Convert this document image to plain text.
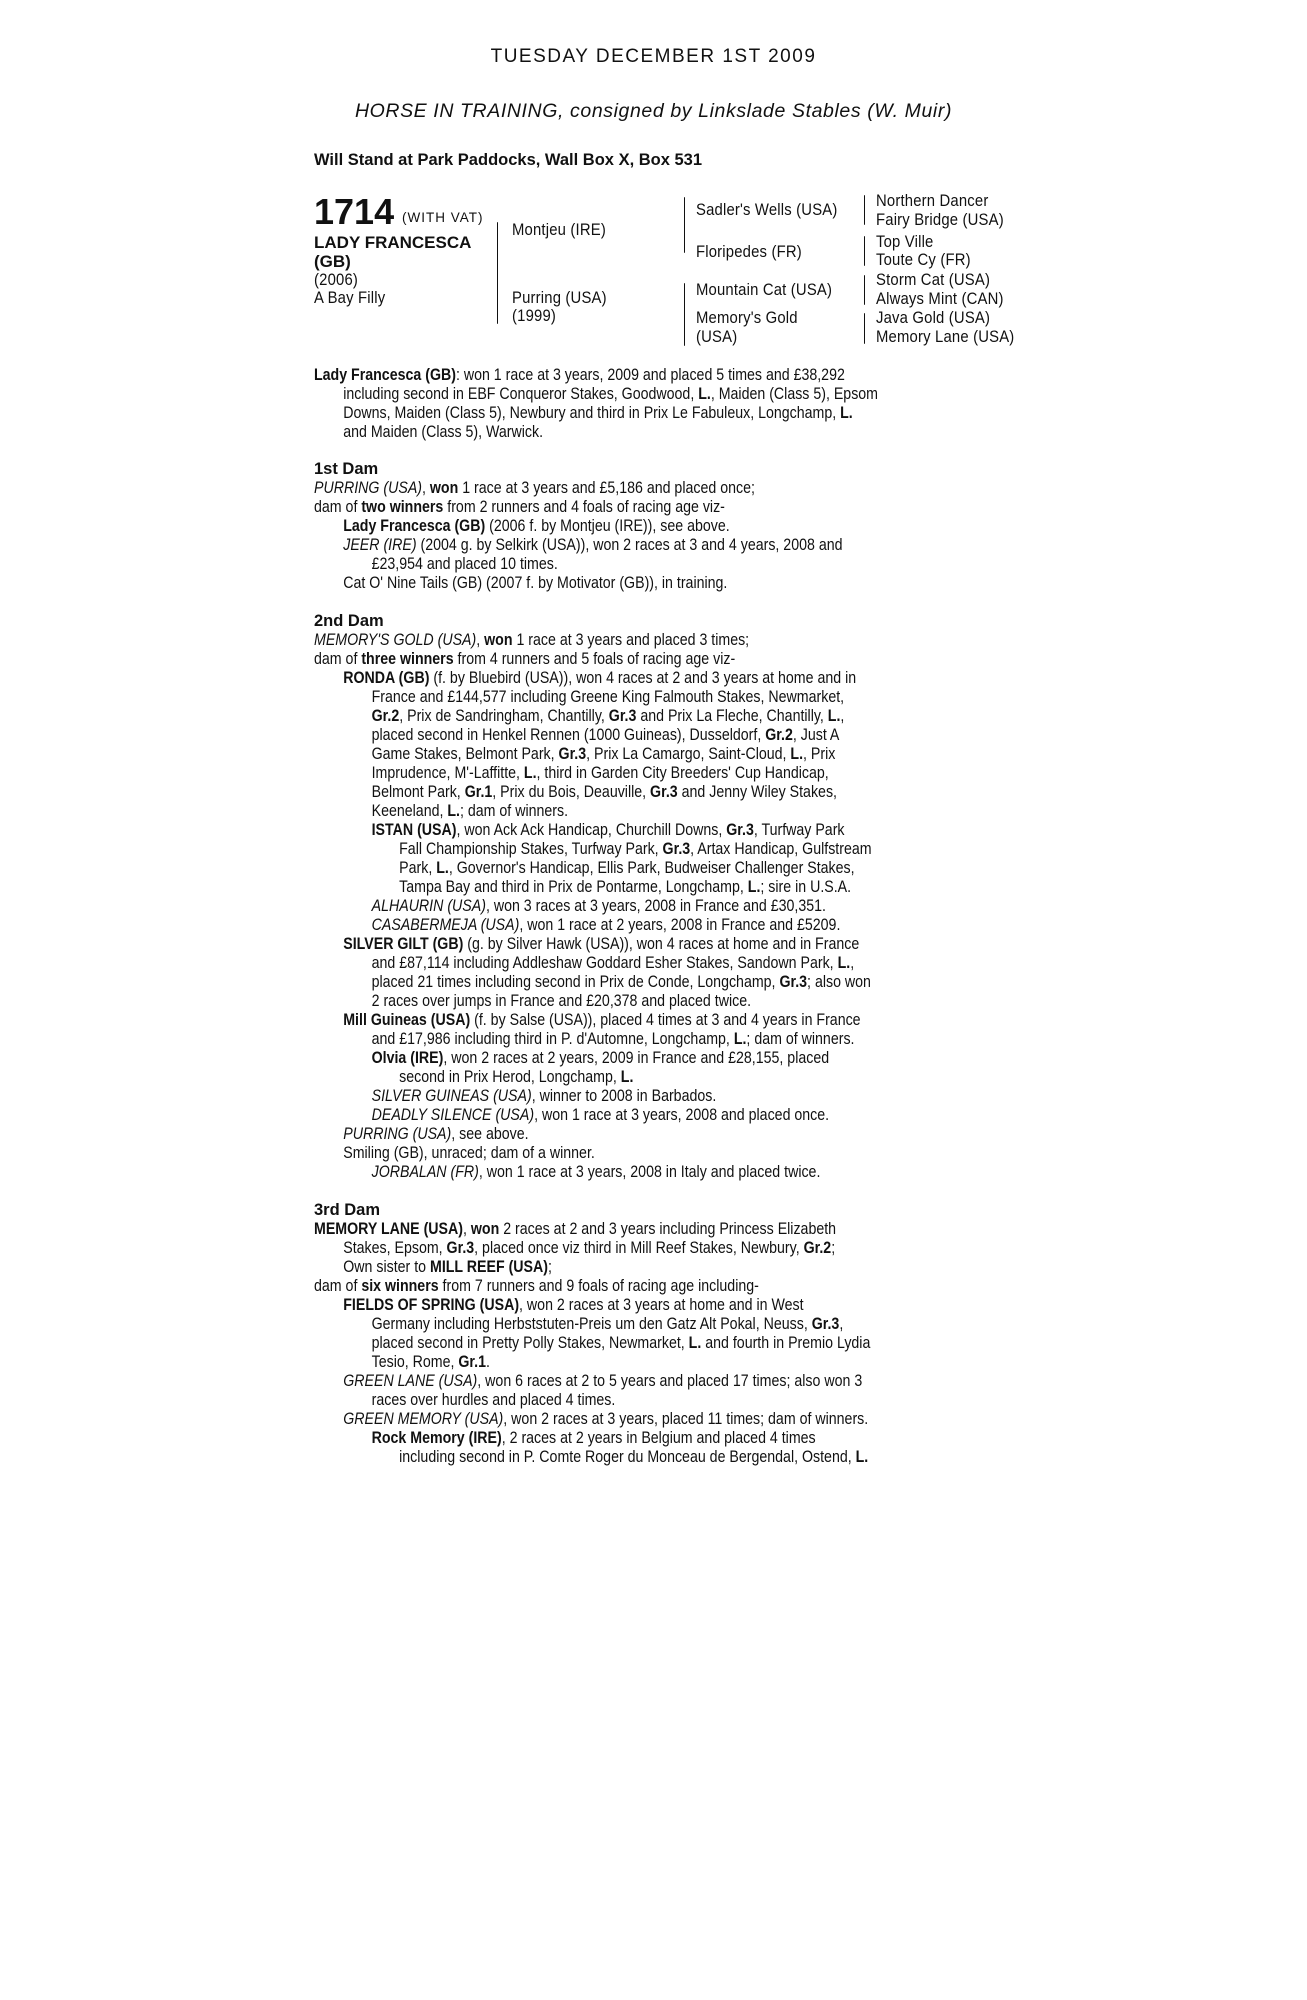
TUESDAY DECEMBER 1ST 2009
HORSE IN TRAINING, consigned by Linkslade Stables (W. Muir)
Will Stand at Park Paddocks, Wall Box X, Box 531
1714 (WITH VAT)
LADY FRANCESCA
(GB)
(2006)
A Bay Filly
Montjeu (IRE)
Purring (USA)
(1999)
Sadler's Wells (USA)
Floripedes (FR)
Mountain Cat (USA)
Memory's Gold
(USA)
Northern Dancer
Fairy Bridge (USA)
Top Ville
Toute Cy (FR)
Storm Cat (USA)
Always Mint (CAN)
Java Gold (USA)
Memory Lane (USA)
Lady Francesca (GB): won 1 race at 3 years, 2009 and placed 5 times and £38,292
including second in EBF Conqueror Stakes, Goodwood, L., Maiden (Class 5), Epsom
Downs, Maiden (Class 5), Newbury and third in Prix Le Fabuleux, Longchamp, L.
and Maiden (Class 5), Warwick.
1st Dam
PURRING (USA), won 1 race at 3 years and £5,186 and placed once;
dam of two winners from 2 runners and 4 foals of racing age viz-
Lady Francesca (GB) (2006 f. by Montjeu (IRE)), see above.
JEER (IRE) (2004 g. by Selkirk (USA)), won 2 races at 3 and 4 years, 2008 and
£23,954 and placed 10 times.
Cat O' Nine Tails (GB) (2007 f. by Motivator (GB)), in training.
2nd Dam
MEMORY'S GOLD (USA), won 1 race at 3 years and placed 3 times;
dam of three winners from 4 runners and 5 foals of racing age viz-
RONDA (GB) (f. by Bluebird (USA)), won 4 races at 2 and 3 years at home and in
France and £144,577 including Greene King Falmouth Stakes, Newmarket,
Gr.2, Prix de Sandringham, Chantilly, Gr.3 and Prix La Fleche, Chantilly, L.,
placed second in Henkel Rennen (1000 Guineas), Dusseldorf, Gr.2, Just A
Game Stakes, Belmont Park, Gr.3, Prix La Camargo, Saint-Cloud, L., Prix
Imprudence, M'-Laffitte, L., third in Garden City Breeders' Cup Handicap,
Belmont Park, Gr.1, Prix du Bois, Deauville, Gr.3 and Jenny Wiley Stakes,
Keeneland, L.; dam of winners.
ISTAN (USA), won Ack Ack Handicap, Churchill Downs, Gr.3, Turfway Park
Fall Championship Stakes, Turfway Park, Gr.3, Artax Handicap, Gulfstream
Park, L., Governor's Handicap, Ellis Park, Budweiser Challenger Stakes,
Tampa Bay and third in Prix de Pontarme, Longchamp, L.; sire in U.S.A.
ALHAURIN (USA), won 3 races at 3 years, 2008 in France and £30,351.
CASABERMEJA (USA), won 1 race at 2 years, 2008 in France and £5209.
SILVER GILT (GB) (g. by Silver Hawk (USA)), won 4 races at home and in France
and £87,114 including Addleshaw Goddard Esher Stakes, Sandown Park, L.,
placed 21 times including second in Prix de Conde, Longchamp, Gr.3; also won
2 races over jumps in France and £20,378 and placed twice.
Mill Guineas (USA) (f. by Salse (USA)), placed 4 times at 3 and 4 years in France
and £17,986 including third in P. d'Automne, Longchamp, L.; dam of winners.
Olvia (IRE), won 2 races at 2 years, 2009 in France and £28,155, placed
second in Prix Herod, Longchamp, L.
SILVER GUINEAS (USA), winner to 2008 in Barbados.
DEADLY SILENCE (USA), won 1 race at 3 years, 2008 and placed once.
PURRING (USA), see above.
Smiling (GB), unraced; dam of a winner.
JORBALAN (FR), won 1 race at 3 years, 2008 in Italy and placed twice.
3rd Dam
MEMORY LANE (USA), won 2 races at 2 and 3 years including Princess Elizabeth
Stakes, Epsom, Gr.3, placed once viz third in Mill Reef Stakes, Newbury, Gr.2;
Own sister to MILL REEF (USA);
dam of six winners from 7 runners and 9 foals of racing age including-
FIELDS OF SPRING (USA), won 2 races at 3 years at home and in West
Germany including Herbststuten-Preis um den Gatz Alt Pokal, Neuss, Gr.3,
placed second in Pretty Polly Stakes, Newmarket, L. and fourth in Premio Lydia
Tesio, Rome, Gr.1.
GREEN LANE (USA), won 6 races at 2 to 5 years and placed 17 times; also won 3
races over hurdles and placed 4 times.
GREEN MEMORY (USA), won 2 races at 3 years, placed 11 times; dam of winners.
Rock Memory (IRE), 2 races at 2 years in Belgium and placed 4 times
including second in P. Comte Roger du Monceau de Bergendal, Ostend, L.
